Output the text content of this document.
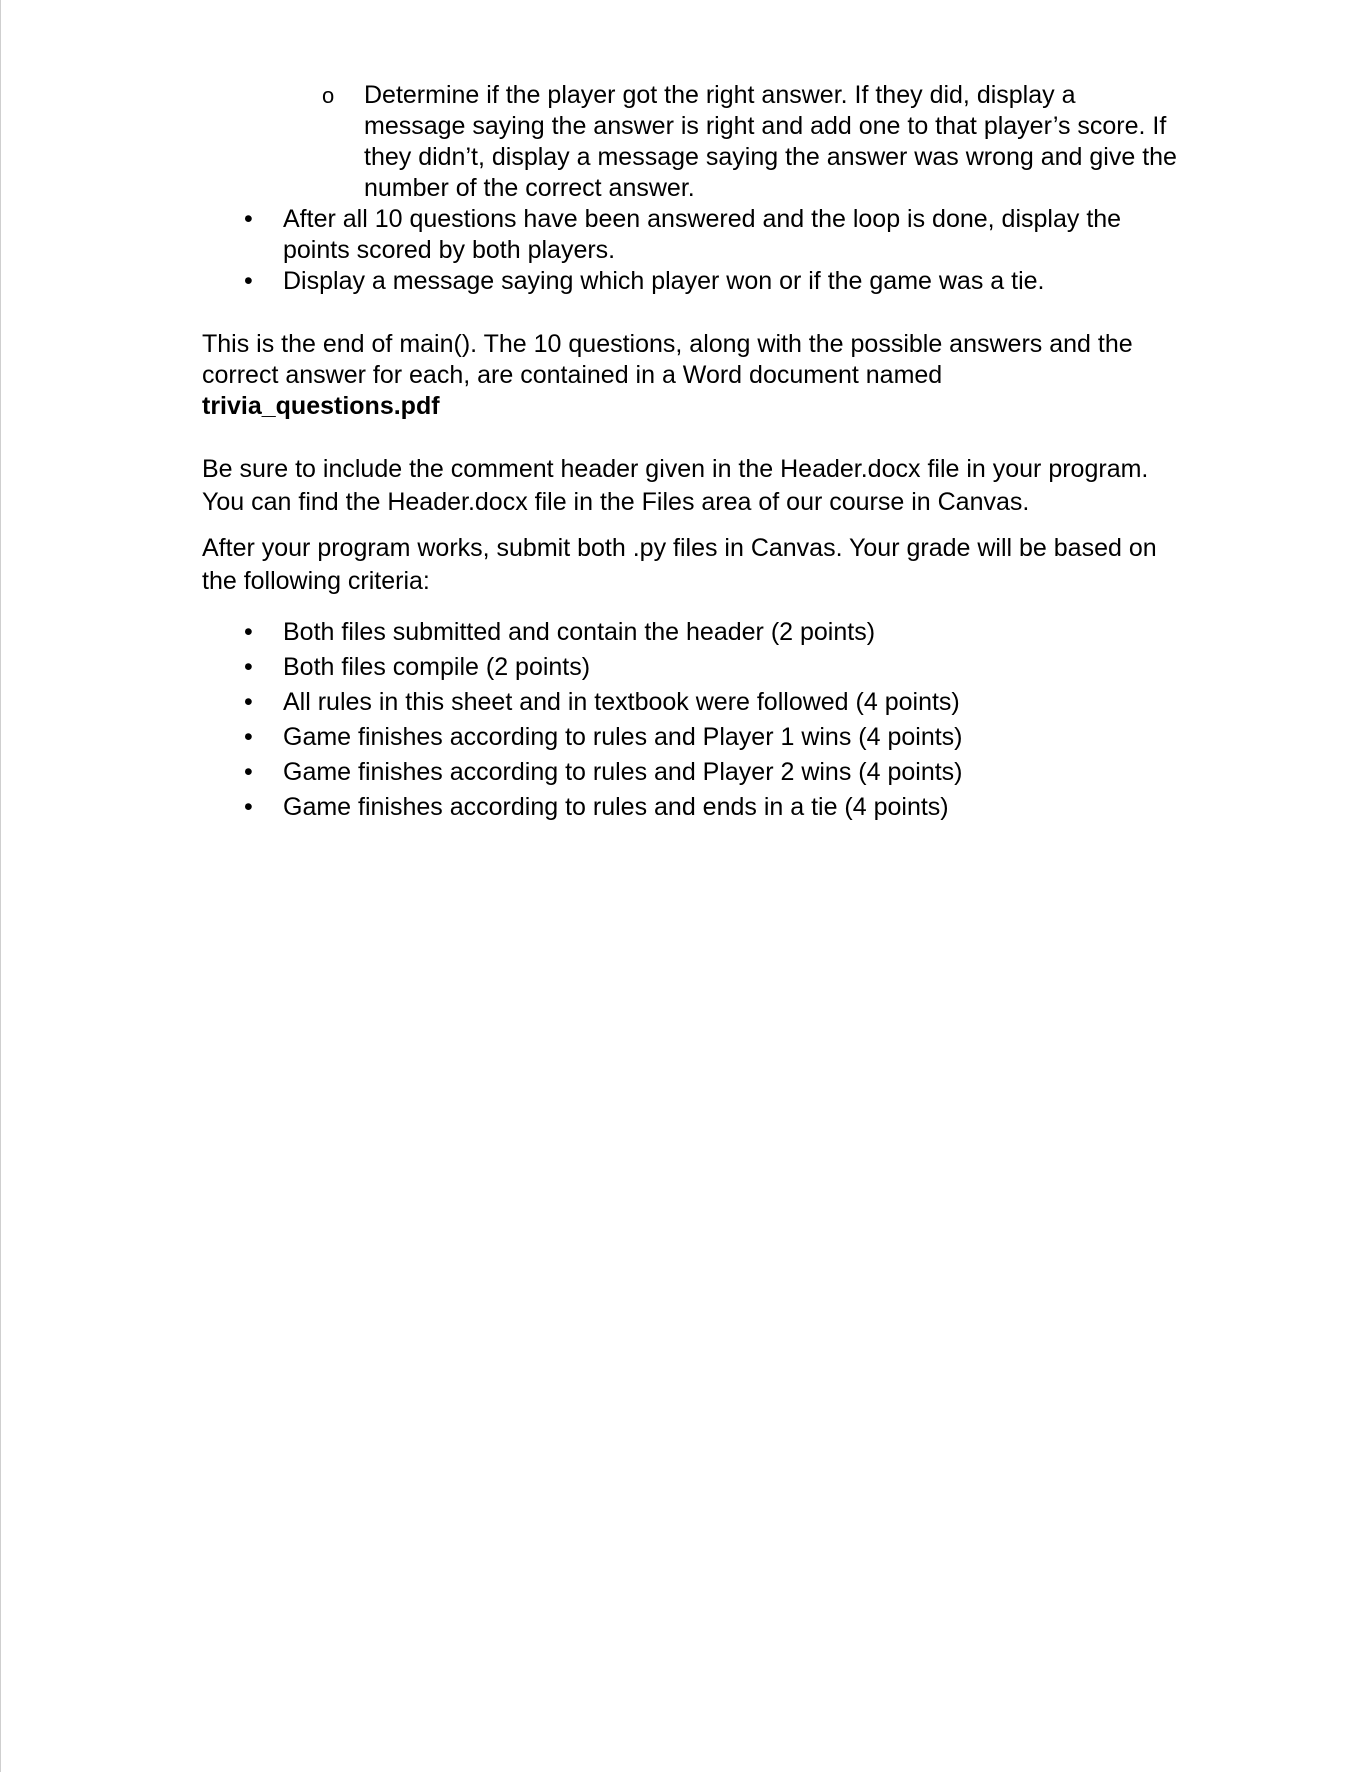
o Determine if the player got the right answer. If they did, display a message saying the answer is right and add one to that player’s score. If they didn’t, display a message saying the answer was wrong and give the number of the correct answer.
• After all 10 questions have been answered and the loop is done, display the points scored by both players.
• Display a message saying which player won or if the game was a tie.

This is the end of main(). The 10 questions, along with the possible answers and the correct answer for each, are contained in a Word document named
trivia_questions.pdf

Be sure to include the comment header given in the Header.docx file in your program. You can find the Header.docx file in the Files area of our course in Canvas.

After your program works, submit both .py files in Canvas. Your grade will be based on the following criteria:

• Both files submitted and contain the header (2 points)
• Both files compile (2 points)
• All rules in this sheet and in textbook were followed (4 points)
• Game finishes according to rules and Player 1 wins (4 points)
• Game finishes according to rules and Player 2 wins (4 points)
• Game finishes according to rules and ends in a tie (4 points)
